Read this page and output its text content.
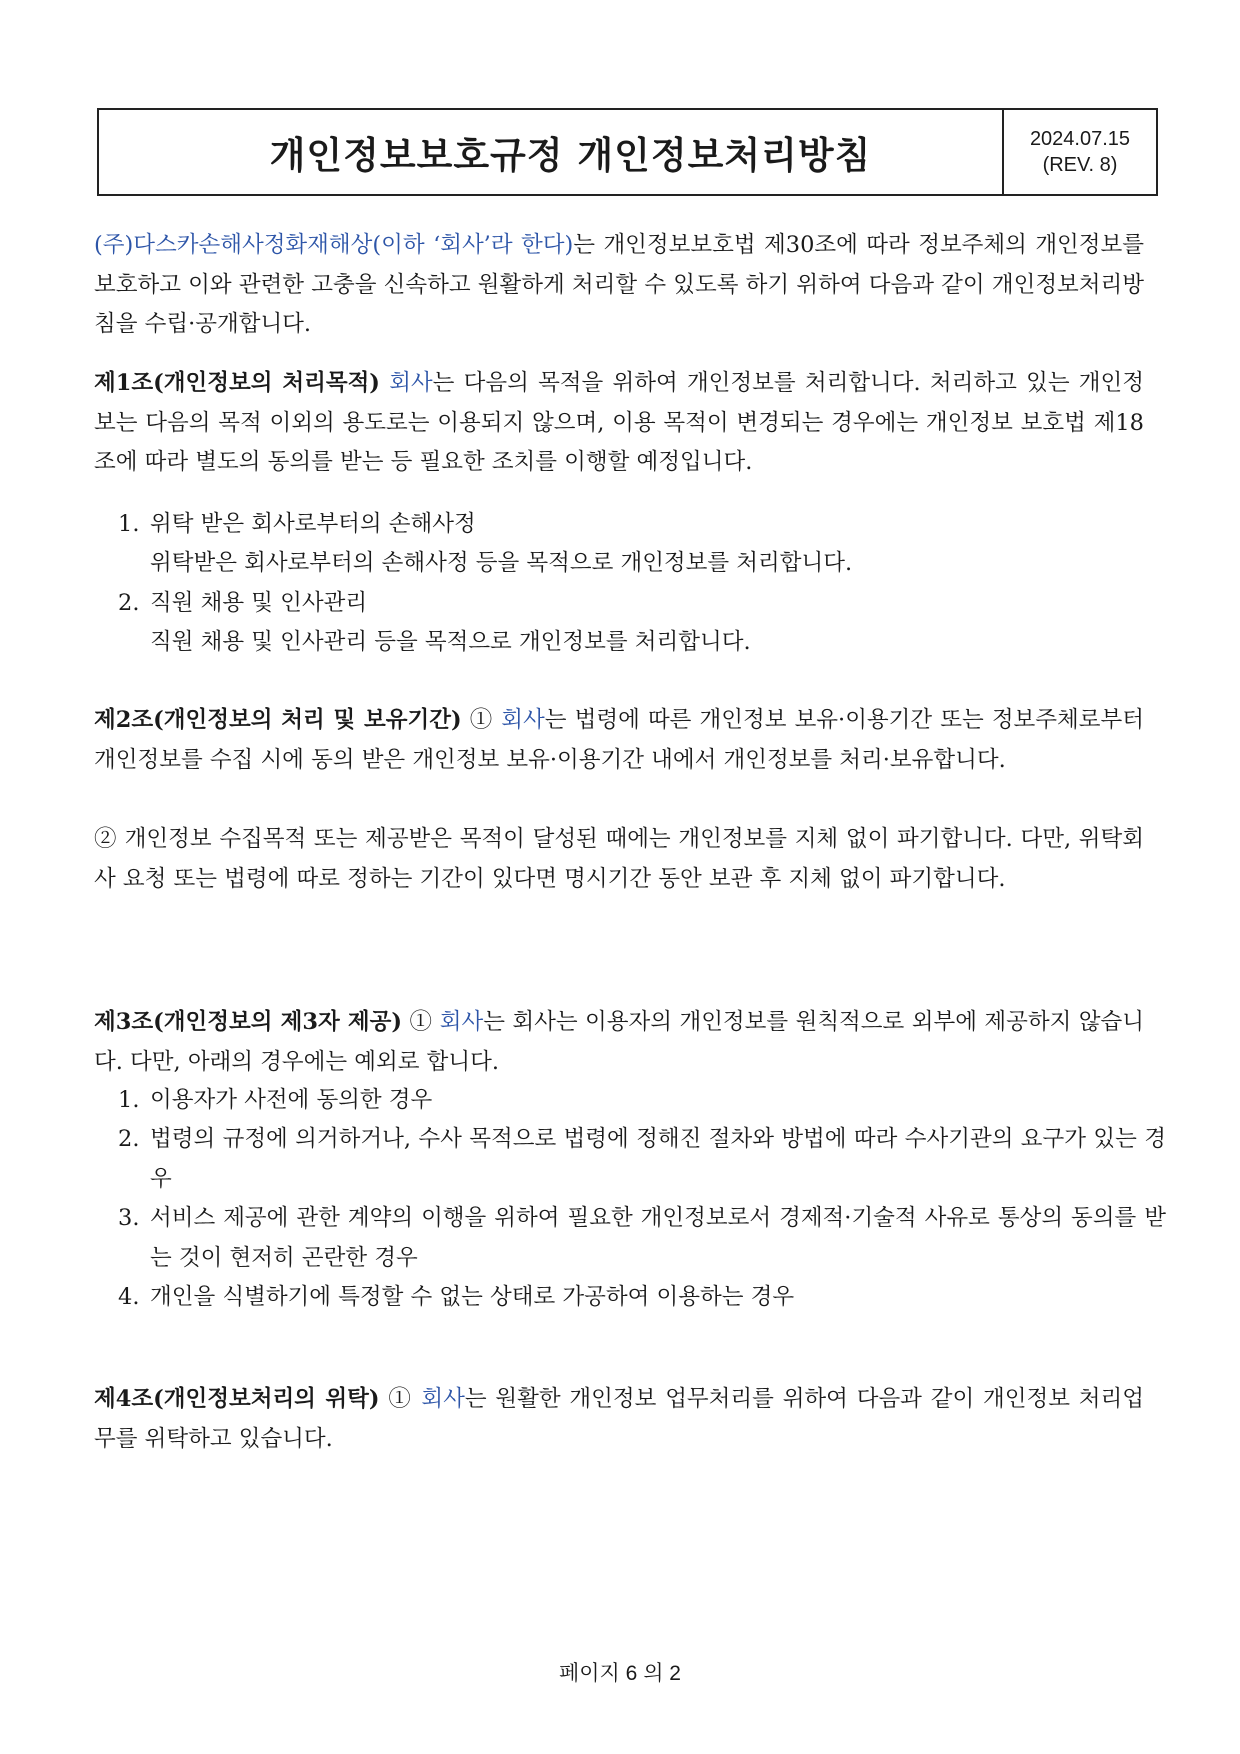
개인정보보호규정 개인정보처리방침	2024.07.15
(REV. 8)

(주)다스카손해사정화재해상(이하 ‘회사’라 한다)는 개인정보보호법 제30조에 따라 정보주체의 개인정보를 보호하고 이와 관련한 고충을 신속하고 원활하게 처리할 수 있도록 하기 위하여 다음과 같이 개인정보처리방침을 수립·공개합니다.

제1조(개인정보의 처리목적) 회사는 다음의 목적을 위하여 개인정보를 처리합니다. 처리하고 있는 개인정보는 다음의 목적 이외의 용도로는 이용되지 않으며, 이용 목적이 변경되는 경우에는 개인정보 보호법 제18조에 따라 별도의 동의를 받는 등 필요한 조치를 이행할 예정입니다.

1. 위탁 받은 회사로부터의 손해사정

위탁받은 회사로부터의 손해사정 등을 목적으로 개인정보를 처리합니다.

2. 직원 채용 및 인사관리

직원 채용 및 인사관리 등을 목적으로 개인정보를 처리합니다.

제2조(개인정보의 처리 및 보유기간) ① 회사는 법령에 따른 개인정보 보유·이용기간 또는 정보주체로부터 개인정보를 수집 시에 동의 받은 개인정보 보유·이용기간 내에서 개인정보를 처리·보유합니다.

② 개인정보 수집목적 또는 제공받은 목적이 달성된 때에는 개인정보를 지체 없이 파기합니다. 다만, 위탁회사 요청 또는 법령에 따로 정하는 기간이 있다면 명시기간 동안 보관 후 지체 없이 파기합니다.

제3조(개인정보의 제3자 제공) ① 회사는 회사는 이용자의 개인정보를 원칙적으로 외부에 제공하지 않습니다. 다만, 아래의 경우에는 예외로 합니다.

1. 이용자가 사전에 동의한 경우

2. 법령의 규정에 의거하거나, 수사 목적으로 법령에 정해진 절차와 방법에 따라 수사기관의 요구가 있는 경우

3. 서비스 제공에 관한 계약의 이행을 위하여 필요한 개인정보로서 경제적·기술적 사유로 통상의 동의를 받는 것이 현저히 곤란한 경우

4. 개인을 식별하기에 특정할 수 없는 상태로 가공하여 이용하는 경우

제4조(개인정보처리의 위탁) ① 회사는 원활한 개인정보 업무처리를 위하여 다음과 같이 개인정보 처리업무를 위탁하고 있습니다.

페이지 6 의 2
